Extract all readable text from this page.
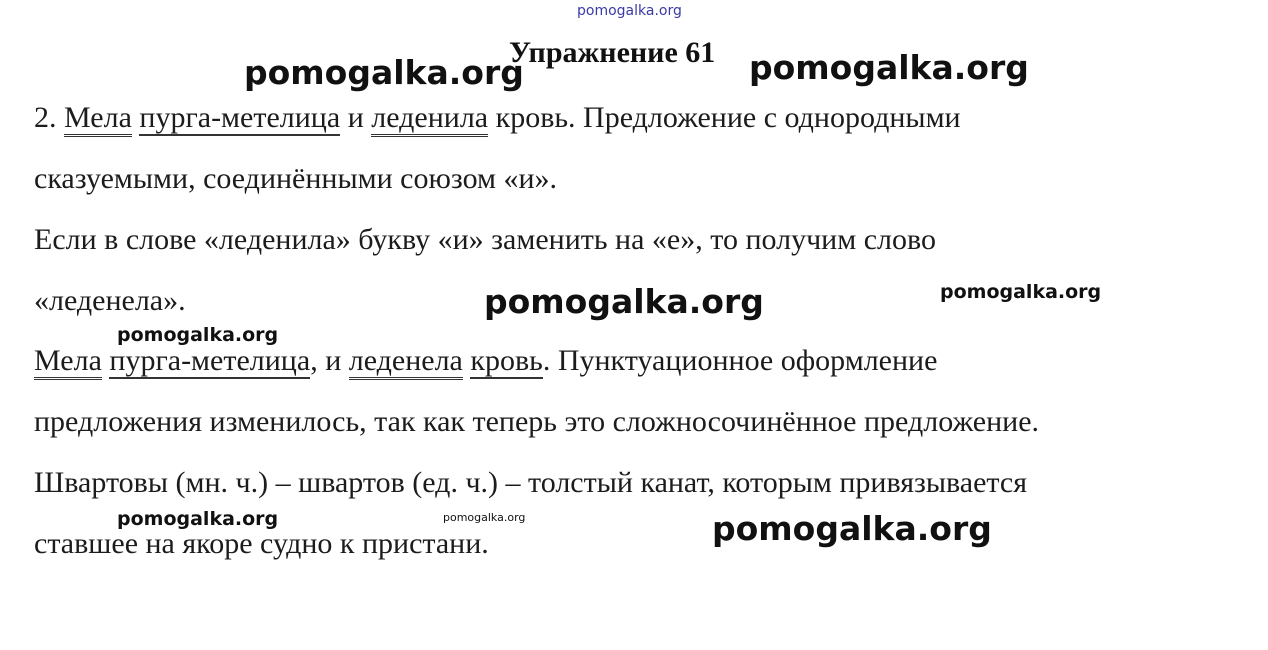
Упражнение 61
2. Мела пурга-метелица и леденила кровь. Предложение с однородными
сказуемыми, соединёнными союзом «и».
Если в слове «леденила» букву «и» заменить на «е», то получим слово
«леденела».
Мела пурга-метелица, и леденела кровь. Пунктуационное оформление
предложения изменилось, так как теперь это сложносочинённое предложение.
Швартовы (мн. ч.) – швартов (ед. ч.) – толстый канат, которым привязывается
ставшее на якоре судно к пристани.
pomogalka.org
pomogalka.org	pomogalka.org
pomogalka.org	pomogalka.org
pomogalka.org
pomogalka.org	pomogalka.org	pomogalka.org
